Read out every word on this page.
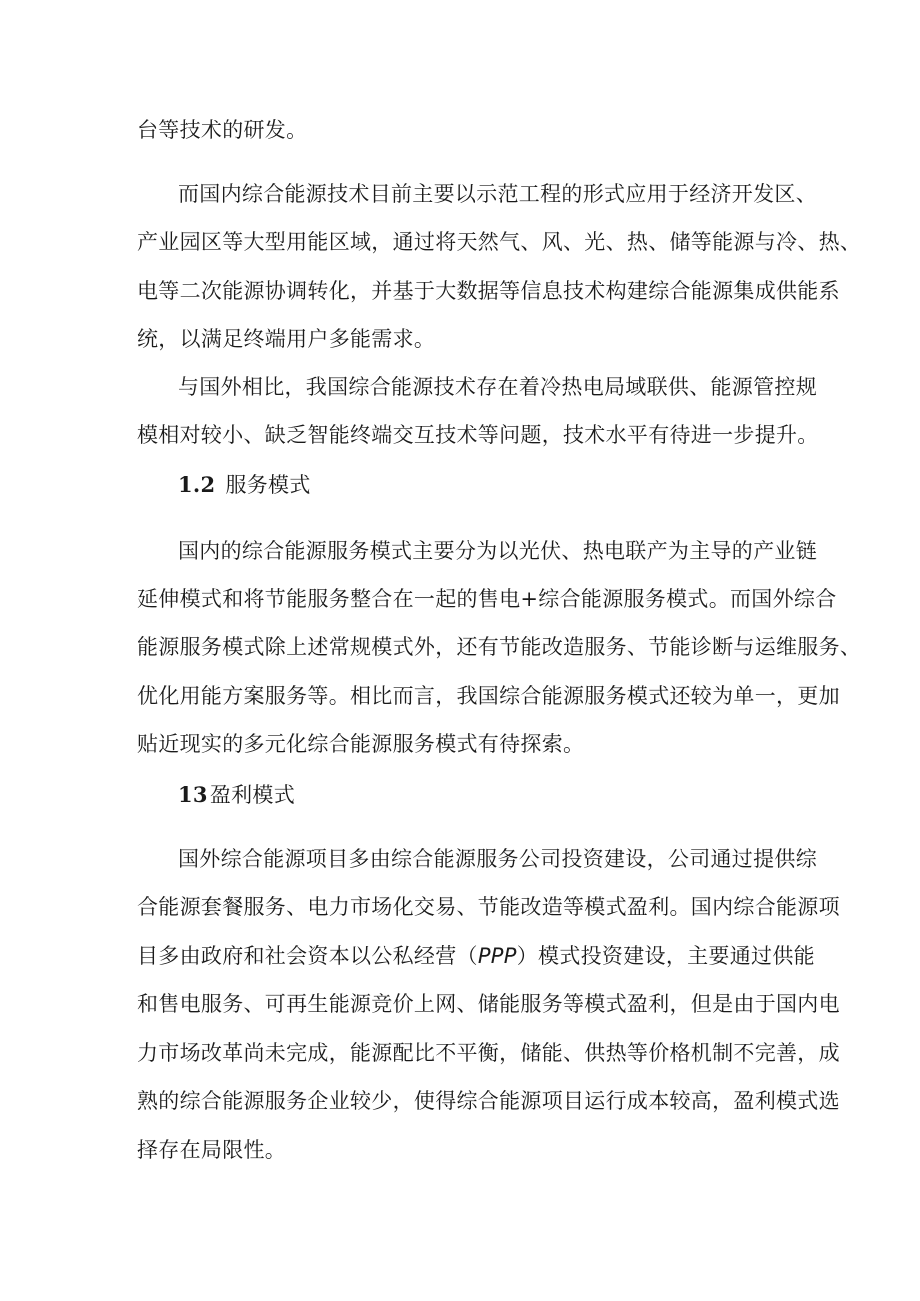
台等技术的研发。

而国内综合能源技术目前主要以示范工程的形式应用于经济开发区、

产业园区等大型用能区域，通过将天然气、风、光、热、储等能源与冷、热、

电等二次能源协调转化，并基于大数据等信息技术构建综合能源集成供能系

统，以满足终端用户多能需求。

与国外相比，我国综合能源技术存在着冷热电局域联供、能源管控规

模相对较小、缺乏智能终端交互技术等问题，技术水平有待进一步提升。

1.2 服务模式

国内的综合能源服务模式主要分为以光伏、热电联产为主导的产业链

延伸模式和将节能服务整合在一起的售电+综合能源服务模式。而国外综合

能源服务模式除上述常规模式外，还有节能改造服务、节能诊断与运维服务、

优化用能方案服务等。相比而言，我国综合能源服务模式还较为单一，更加

贴近现实的多元化综合能源服务模式有待探索。

13盈利模式

国外综合能源项目多由综合能源服务公司投资建设，公司通过提供综

合能源套餐服务、电力市场化交易、节能改造等模式盈利。国内综合能源项

目多由政府和社会资本以公私经营（PPP）模式投资建设，主要通过供能

和售电服务、可再生能源竞价上网、储能服务等模式盈利，但是由于国内电

力市场改革尚未完成，能源配比不平衡，储能、供热等价格机制不完善，成

熟的综合能源服务企业较少，使得综合能源项目运行成本较高，盈利模式选

择存在局限性。
